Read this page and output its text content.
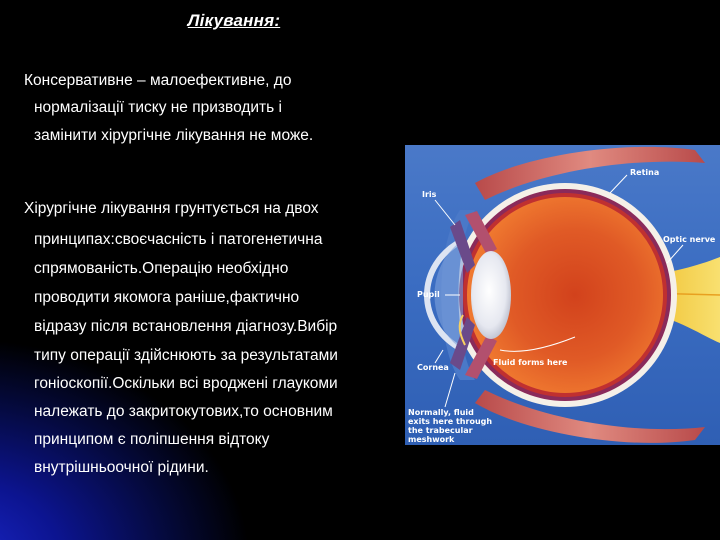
Лікування:
Консервативне – малоефективне, до
нормалізації тиску не призводить і
замінити хірургічне лікування не може.
Хірургічне лікування грунтується на двох
принципах:своєчасність і патогенетична
спрямованість.Операцію необхідно
проводити якомога раніше,фактично
відразу після встановлення діагнозу.Вибір
типу операції здійснюють за результатами
гоніоскопії.Оскільки всі вроджені глаукоми
належать до закритокутових,то основним
принципом є поліпшення відтоку
внутрішньоочної рідини.
Iris
Retina
Optic nerve
Pupil
Cornea
Fluid forms here
Normally, fluid
exits here through
the trabecular
meshwork
